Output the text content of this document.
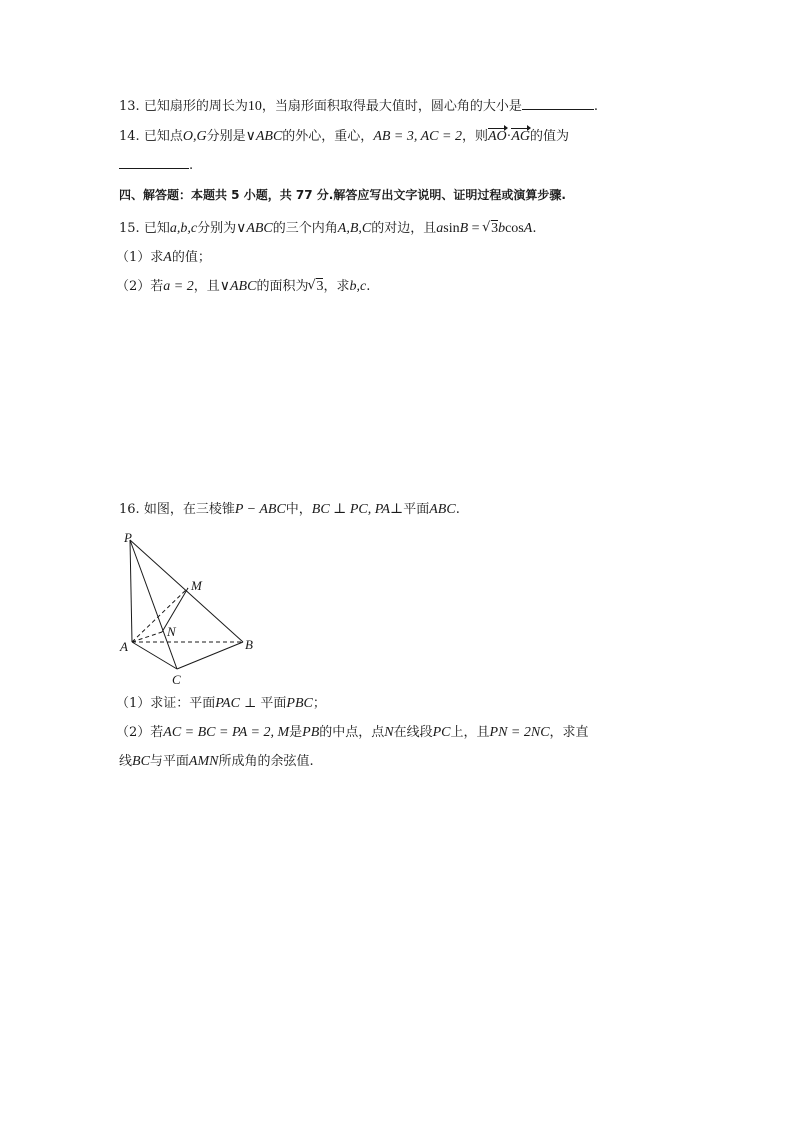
13. 已知扇形的周长为10，当扇形面积取得最大值时，圆心角的大小是	.
14. 已知点O,G分别是∨ABC的外心，重心，AB = 3, AC = 2，则AO·AG的值为
.
四、解答题：本题共 5 小题，共 77 分.解答应写出文字说明、证明过程或演算步骤.
15. 已知a,b,c分别为∨ABC的三个内角A,B,C的对边，且asinB = √ 3bcosA.
（1）求A的值；
（2）若a = 2，且∨ABC的面积为√ 3，求b,c.
16. 如图，在三棱锥P − ABC中，BC ⊥ PC, PA⊥平面ABC.
P
M
N
A	B
C
（1）求证：平面PAC ⊥ 平面PBC；
（2）若AC = BC = PA = 2, M是PB的中点，点N在线段PC上，且PN = 2NC，求直
线BC与平面AMN所成角的余弦值.
